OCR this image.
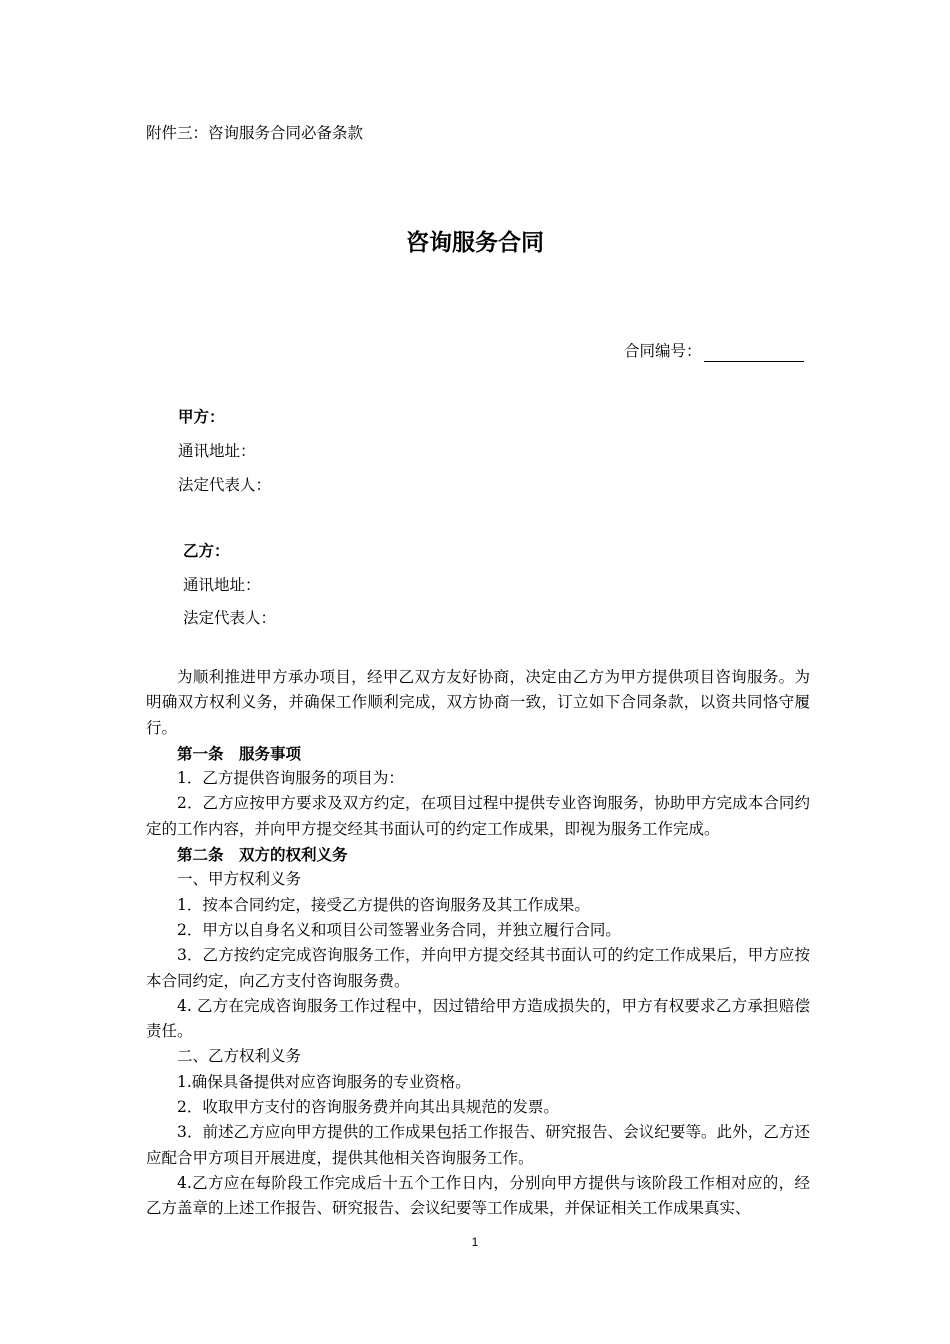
附件三：咨询服务合同必备条款
咨询服务合同
合同编号：
甲方：
通讯地址：
法定代表人：
乙方：
通讯地址：
法定代表人：

为顺利推进甲方承办项目，经甲乙双方友好协商，决定由乙方为甲方提供项目咨询服务。为明确双方权利义务，并确保工作顺利完成，双方协商一致，订立如下合同条款，以资共同恪守履行。

第一条　服务事项

1．乙方提供咨询服务的项目为：

2．乙方应按甲方要求及双方约定，在项目过程中提供专业咨询服务，协助甲方完成本合同约定的工作内容，并向甲方提交经其书面认可的约定工作成果，即视为服务工作完成。

第二条　双方的权利义务

一、甲方权利义务

1．按本合同约定，接受乙方提供的咨询服务及其工作成果。

2．甲方以自身名义和项目公司签署业务合同，并独立履行合同。

3．乙方按约定完成咨询服务工作，并向甲方提交经其书面认可的约定工作成果后，甲方应按本合同约定，向乙方支付咨询服务费。

4. 乙方在完成咨询服务工作过程中，因过错给甲方造成损失的，甲方有权要求乙方承担赔偿责任。

二、乙方权利义务

1.确保具备提供对应咨询服务的专业资格。

2．收取甲方支付的咨询服务费并向其出具规范的发票。

3．前述乙方应向甲方提供的工作成果包括工作报告、研究报告、会议纪要等。此外，乙方还应配合甲方项目开展进度，提供其他相关咨询服务工作。

4.乙方应在每阶段工作完成后十五个工作日内，分别向甲方提供与该阶段工作相对应的，经乙方盖章的上述工作报告、研究报告、会议纪要等工作成果，并保证相关工作成果真实、

1
